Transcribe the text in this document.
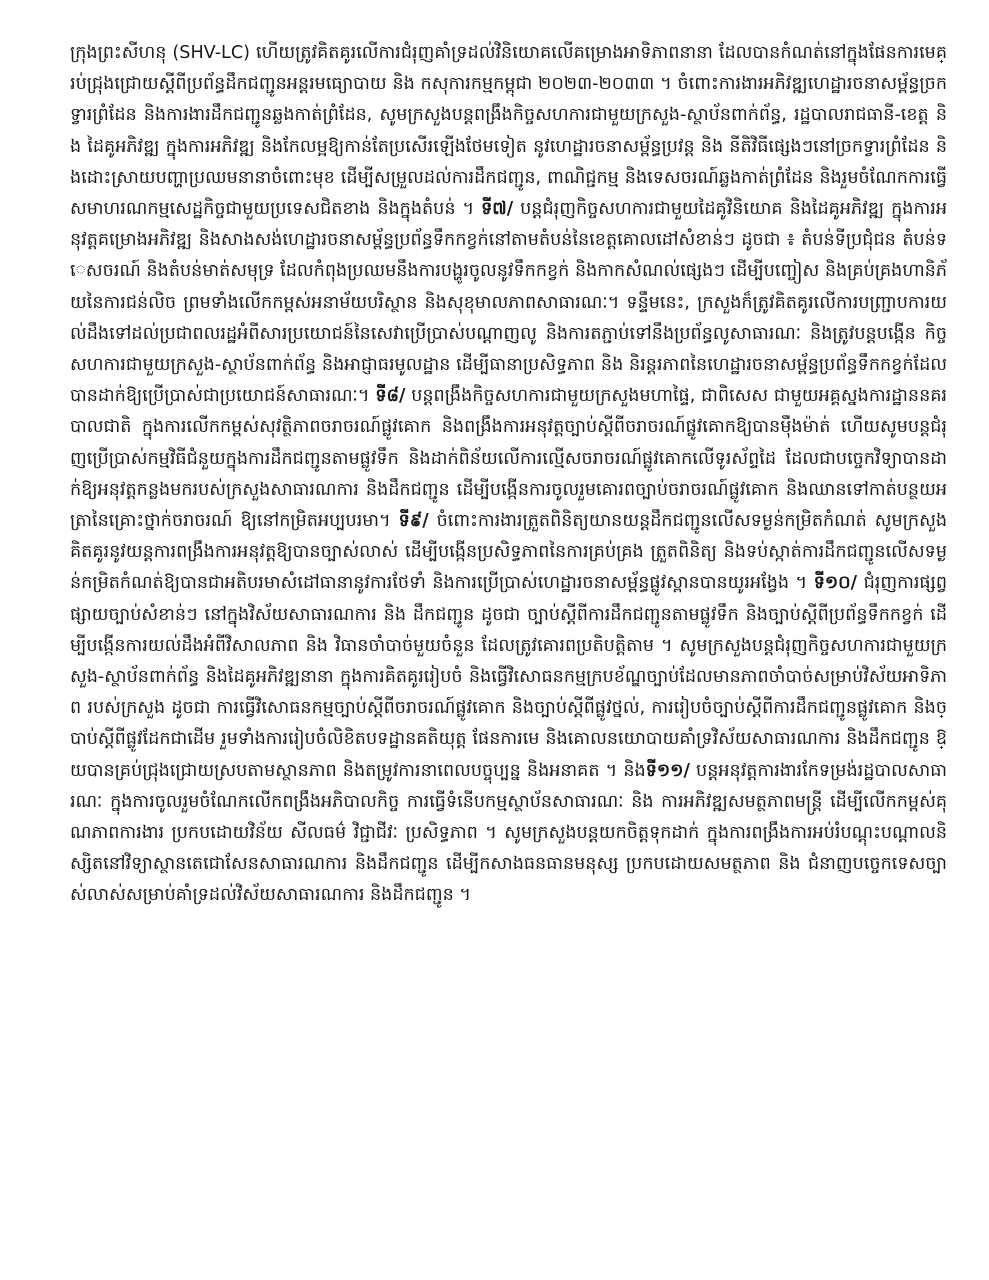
ក្រុងព្រះសីហនុ (SHV-LC) ហើយត្រូវគិតគូរលើការជំរុញគាំទ្រដល់វិនិយោគលើគម្រោងអាទិភាពនានា ដែលបានកំណត់នៅក្នុងផែនការមេគ្រប់ជ្រុងជ្រោយស្តីពីប្រព័ន្ធដឹកជញ្ជូនអន្តរមធ្យោបាយ និង កសុការកម្មកម្ពុជា ២០២៣-២០៣៣ ។ ចំពោះការងារអភិវឌ្ឍហេដ្ឋារចនាសម្ព័ន្ធច្រកទ្វារព្រំដែន និងការងារដឹកជញ្ជូនឆ្លងកាត់ព្រំដែន, សូមក្រសួងបន្តពង្រឹងកិច្ចសហការជាមួយក្រសួង-ស្ថាប័នពាក់ព័ន្ធ, រដ្ឋបាលរាជធានី-ខេត្ត និង ដៃគូអភិវឌ្ឍ ក្នុងការអភិវឌ្ឍ និងកែលម្អឱ្យកាន់តែប្រសើរឡើងថែមទៀត នូវហេដ្ឋារចនាសម្ព័ន្ធប្រវន្ត និង នីតិវិធីផ្សេងៗនៅច្រកទ្វារព្រំដែន និងដោះស្រាយបញ្ហាប្រឈមនានាចំពោះមុខ ដើម្បីសម្រួលដល់ការដឹកជញ្ជូន, ពាណិជ្ជកម្ម និងទេសចរណ៍ឆ្លងកាត់ព្រំដែន និងរួមចំណែកការធ្វើសមាហរណកម្មសេដ្ឋកិច្ចជាមួយប្រទេសជិតខាង និងក្នុងតំបន់ ។ ទី៧/ បន្តជំរុញកិច្ចសហការជាមួយដៃគូវិនិយោគ និងដៃគូអភិវឌ្ឍ ក្នុងការអនុវត្តគម្រោងអភិវឌ្ឍ និងសាងសង់ហេដ្ឋារចនាសម្ព័ន្ធប្រព័ន្ធទឹកកខ្វក់នៅតាមតំបន់នៃខេត្តគោលដៅសំខាន់ៗ ដូចជា ៖ តំបន់ទីប្រជុំជន តំបន់ទេសចរណ៍ និងតំបន់មាត់សមុទ្រ ដែលកំពុងប្រឈមនឹងការបង្ហូរចូលនូវទឹកកខ្វក់ និងកាកសំណល់ផ្សេងៗ ដើម្បីបញ្ចៀស និងគ្រប់គ្រងហានិភ័យនៃការជន់លិច ព្រមទាំងលើកកម្ពស់អនាម័យបរិស្ថាន និងសុខុមាលភាពសាធារណៈ។ ទន្ទឹមនេះ, ក្រសួងក៏ត្រូវគិតគូរលើការបញ្ជ្រាបការយល់ដឹងទៅដល់ប្រជាពលរដ្ឋអំពីសារប្រយោជន៍នៃសេវាប្រើប្រាស់បណ្តាញលូ និងការតភ្ជាប់ទៅនឹងប្រព័ន្ធលូសាធារណៈ និងត្រូវបន្តបង្កើន កិច្ចសហការជាមួយក្រសួង-ស្ថាប័នពាក់ព័ន្ធ និងអាជ្ញាធរមូលដ្ឋាន ដើម្បីធានាប្រសិទ្ធភាព និង និរន្តរភាពនៃហេដ្ឋារចនាសម្ព័ន្ធប្រព័ន្ធទឹកកខ្វក់ដែលបានដាក់ឱ្យប្រើប្រាស់ជាប្រយោជន៍សាធារណៈ។ ទី៨/ បន្តពង្រឹងកិច្ចសហការជាមួយក្រសួងមហាផ្ទៃ, ជាពិសេស ជាមួយអគ្គស្នងការដ្ឋាននគរបាលជាតិ ក្នុងការលើកកម្ពស់សុវត្ថិភាពចរាចរណ៍ផ្លូវគោក និងពង្រឹងការអនុវត្តច្បាប់ស្តីពីចរាចរណ៍ផ្លូវគោកឱ្យបានម៉ឺងម៉ាត់ ហើយសូមបន្តជំរុញប្រើប្រាស់កម្មវិធីជំនួយក្នុងការដឹកជញ្ជូនតាមផ្លូវទឹក និងដាក់ពិន័យលើការល្មើសចរាចរណ៍ផ្លូវគោកលើទូរស័ព្ទដៃ ដែលជាបច្ចេកវិទ្យាបានដាក់ឱ្យអនុវត្តកន្លងមករបស់ក្រសួងសាធារណការ និងដឹកជញ្ជូន ដើម្បីបង្កើនការចូលរួមគោរពច្បាប់ចរាចរណ៍ផ្លូវគោក និងឈានទៅកាត់បន្ថយអត្រានៃគ្រោះថ្នាក់ចរាចរណ៍ ឱ្យនៅកម្រិតអប្បបរមា។ ទី៩/ ចំពោះការងារត្រួតពិនិត្យយានយន្តដឹកជញ្ជូនលើសទម្ងន់កម្រិតកំណត់ សូមក្រសួង គិតគូរនូវយន្តការពង្រឹងការអនុវត្តឱ្យបានច្បាស់លាស់ ដើម្បីបង្កើនប្រសិទ្ធភាពនៃការគ្រប់គ្រង ត្រួតពិនិត្យ និងទប់ស្កាត់ការដឹកជញ្ជូនលើសទម្ងន់កម្រិតកំណត់ឱ្យបានជាអតិបរមាសំដៅធានានូវការថែទាំ និងការប្រើប្រាស់ហេដ្ឋារចនាសម្ព័ន្ធផ្លូវស្ពានបានយូរអង្វែង ។ ទី១០/ ជំរុញការផ្សព្វផ្សាយច្បាប់សំខាន់ៗ នៅក្នុងវិស័យសាធារណការ និង ដឹកជញ្ជូន ដូចជា ច្បាប់ស្តីពីការដឹកជញ្ជូនតាមផ្លូវទឹក និងច្បាប់ស្តីពីប្រព័ន្ធទឹកកខ្វក់ ដើម្បីបង្កើនការយល់ដឹងអំពីវិសាលភាព និង វិធានចាំបាច់មួយចំនួន ដែលត្រូវគោរពប្រតិបត្តិតាម ។ សូមក្រសួងបន្តជំរុញកិច្ចសហការជាមួយក្រសួង-ស្ថាប័នពាក់ព័ន្ធ និងដៃគូអភិវឌ្ឍនានា ក្នុងការគិតគូររៀបចំ និងធ្វើវិសោធនកម្មក្របខ័ណ្ឌច្បាប់ដែលមានភាពចាំបាច់សម្រាប់វិស័យអាទិភាព របស់ក្រសួង ដូចជា ការធ្វើវិសោធនកម្មច្បាប់ស្តីពីចរាចរណ៍ផ្លូវគោក និងច្បាប់ស្តីពីផ្លូវថ្នល់, ការរៀបចំច្បាប់ស្តីពីការដឹកជញ្ជូនផ្លូវគោក និងច្បាប់ស្តីពីផ្លូវដែកជាដើម រួមទាំងការរៀបចំលិខិតបទដ្ឋានគតិយុត្ត ផែនការមេ និងគោលនយោបាយគាំទ្រវិស័យសាធារណការ និងដឹកជញ្ជូន ឱ្យបានគ្រប់ជ្រុងជ្រោយស្របតាមស្ថានភាព និងតម្រូវការនាពេលបច្ចុប្បន្ន និងអនាគត ។ និងទី១១/ បន្តអនុវត្តការងារកែទម្រង់រដ្ឋបាលសាធារណៈ ក្នុងការចូលរួមចំណែកលើកពង្រឹងអភិបាលកិច្ច ការធ្វើទំនើបកម្មស្ថាប័នសាធារណៈ និង ការអភិវឌ្ឍសមត្ថភាពមន្ត្រី ដើម្បីលើកកម្ពស់គុណភាពការងារ ប្រកបដោយវិន័យ សីលធម៌ វិជ្ជាជីវៈ ប្រសិទ្ធភាព ។ សូមក្រសួងបន្តយកចិត្តទុកដាក់ ក្នុងការពង្រឹងការអប់រំបណ្តុះបណ្តាលនិស្សិតនៅវិទ្យាស្ថានតេជោសែនសាធារណការ និងដឹកជញ្ជូន ដើម្បីកសាងធនធានមនុស្ស ប្រកបដោយសមត្ថភាព និង ជំនាញបច្ចេកទេសច្បាស់លាស់សម្រាប់គាំទ្រដល់វិស័យសាធារណការ និងដឹកជញ្ជូន ។
